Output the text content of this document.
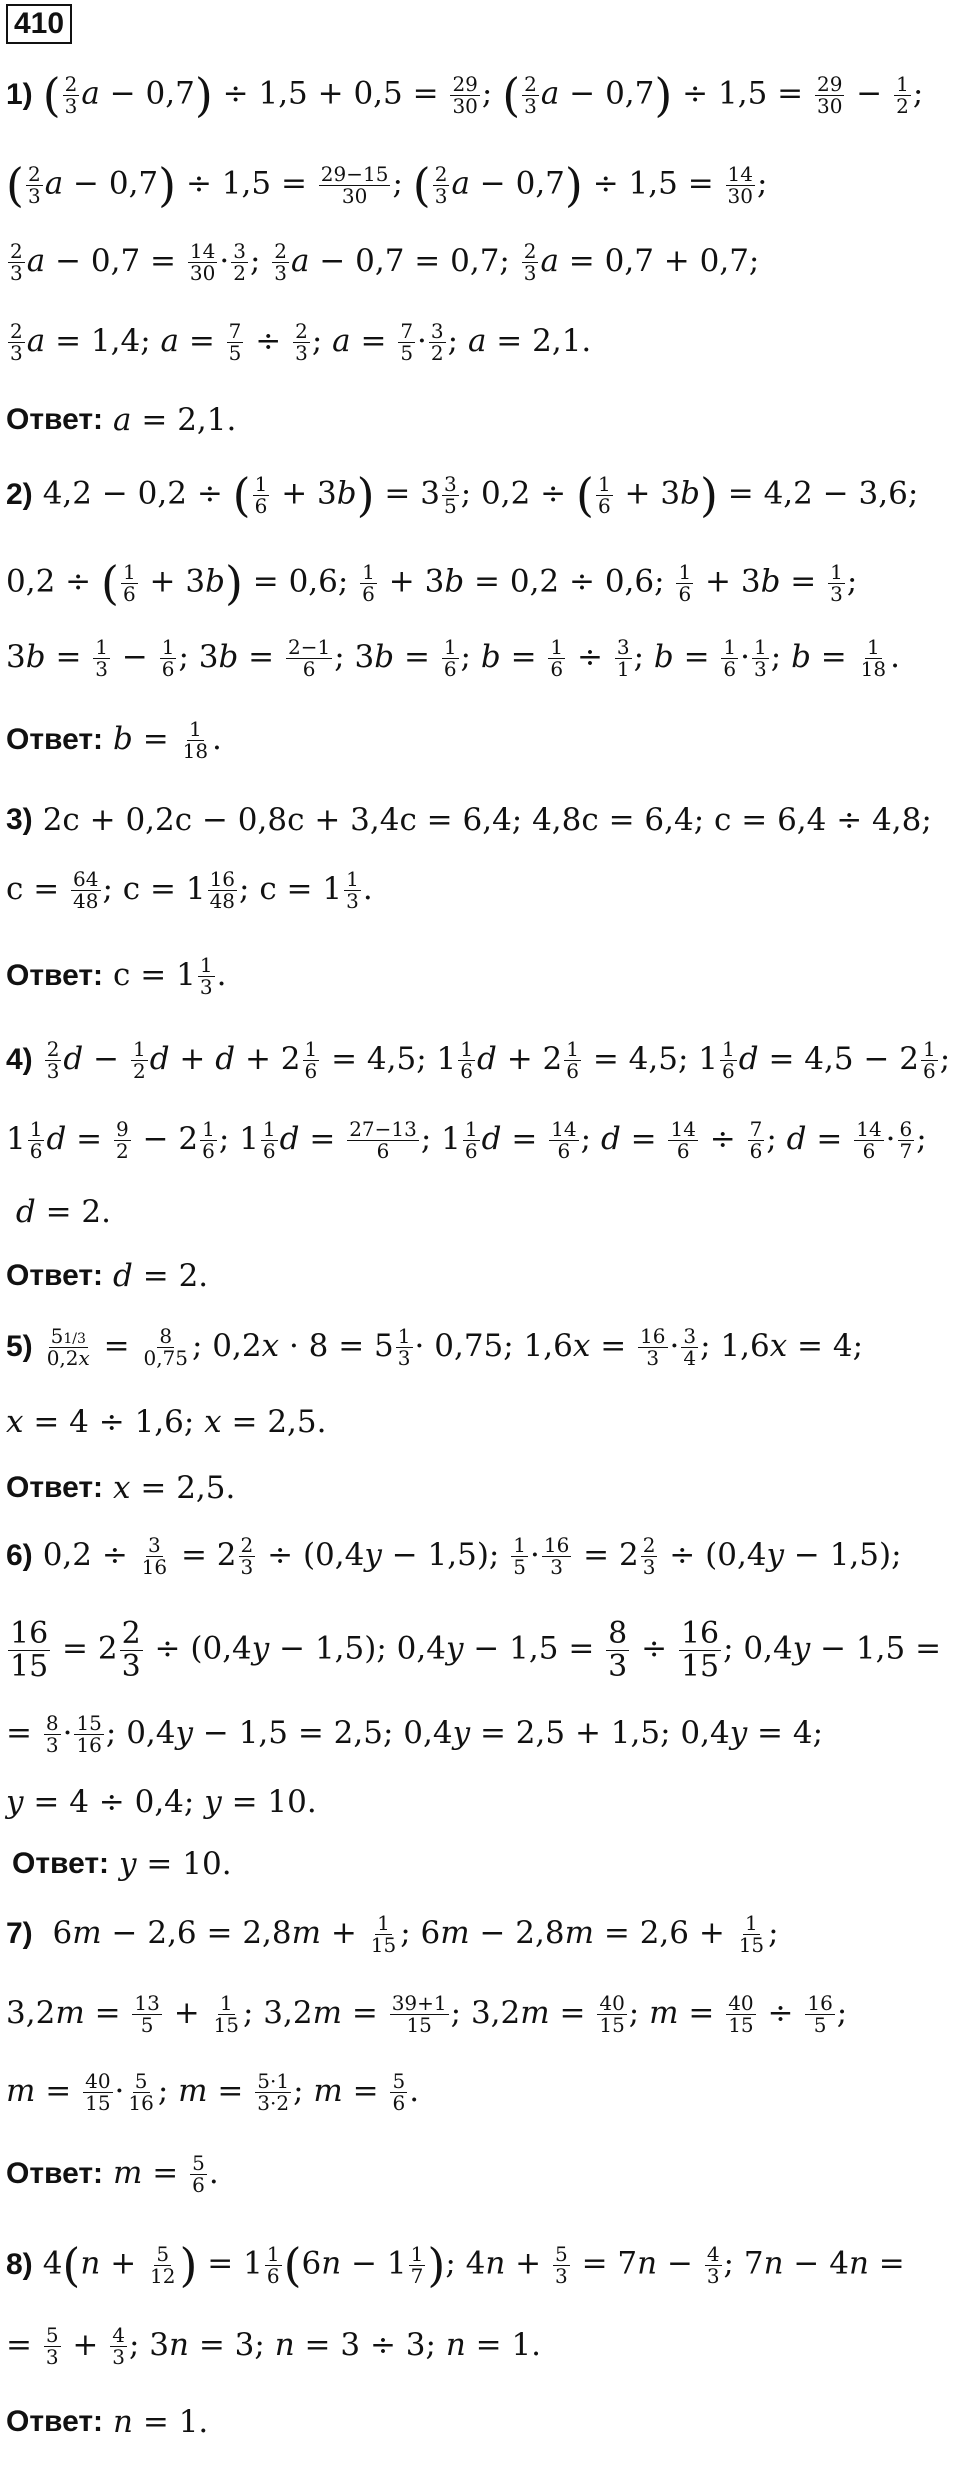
410
1) ( $\frac{2}{3}$ $a - 0,7) \div 1,5 + 0,5 = \frac{29}{30}$ ; ( $\frac{2}{3}$ $a - 0,7) \div 1,5 = \frac{29}{30} - \frac{1}{2}$ ;
( $\frac{2}{3}$ $a - 0,7) \div 1,5 = \frac{29-15}{30}$ ; ( $\frac{2}{3}$ $a - 0,7) \div 1,5 = \frac{14}{30}$ ;
$\frac{2}{3}$ $a - 0,7 = \frac{14}{30} \cdot \frac{3}{2}$ ; $\frac{2}{3}$ a − 0,7 = 0,7; $\frac{2}{3}$ a = 0,7 + 0,7;
$\frac{2}{3}$ a = 1,4; $a = \frac{7}{5} \div \frac{2}{3}$ ; $a = \frac{7}{5} \cdot \frac{3}{2}$ ; a = 2,1.
Ответ: a = 2,1.
2) 4,2 − 0,2 ÷ ( $\frac{1}{6} + 3b) = 3 \frac{3}{5}$ ; 0,2 ÷ ( $\frac{1}{6} + 3b) = 4,2 - 3,6$;
0,2 ÷ ( $\frac{1}{6} + 3b) = 0,6$; $\frac{1}{6} + 3b = 0,2 \div 0,6$; $\frac{1}{6} + 3b = \frac{1}{3}$ ;
$3b = \frac{1}{3} - \frac{1}{6}$ ; $3b = \frac{2-1}{6}$ ; $3b = \frac{1}{6}$ ; $b = \frac{1}{6} \div \frac{3}{1}$ ; $b = \frac{1}{6} \cdot \frac{1}{3}$ ; $b = \frac{1}{18}$ .
Ответ: $b = \frac{1}{18}$ .
3) 2c + 0,2c − 0,8c + 3,4c = 6,4; 4,8c = 6,4; c = 6,4 ÷ 4,8;
$c = \frac{64}{48}$ ; $c = 1 \frac{16}{48}$ ; $c = 1 \frac{1}{3}$ .
Ответ: $c = 1 \frac{1}{3}$ .
$4) \frac{2}{3}$ $d - \frac{1}{2}$ $d + d + 2 \frac{1}{6} = 4,5$; $1 \frac{1}{6}$ $d + 2 \frac{1}{6} = 4,5$; $1 \frac{1}{6}$ $d = 4,5 - 2 \frac{1}{6}$ ;
$1 \frac{1}{6}$ $d = \frac{9}{2} - 2 \frac{1}{6}$ ; $1 \frac{1}{6}$ $d = \frac{27-13}{6}$ ; $1 \frac{1}{6}$ $d = \frac{14}{6}$ ; $d = \frac{14}{6} \div \frac{7}{6}$ ; $d = \frac{14}{6} \cdot \frac{6}{7}$ ;
d = 2.
Ответ: d = 2.
$5) \frac{51/3}{0,2x} = \frac{8}{0,75}$ ; $0,2x \cdot 8 = 5 \frac{1}{3} \cdot 0,75$; $1,6x = \frac{16}{3} \cdot \frac{3}{4}$ ; 1,6x = 4;
x = 4 ÷ 1,6; x = 2,5.
Ответ: x = 2,5.
6) $0,2 \div \frac{3}{16} = 2 \frac{2}{3} \div (0,4y - 1,5)$; $\frac{1}{5} \cdot \frac{16}{3} = 2 \frac{2}{3} \div (0,4y - 1,5)$;
$\frac{16}{15} = 2 \frac{2}{3} \div (0,4y - 1,5)$; $0,4y - 1,5 = \frac{8}{3} \div \frac{16}{15}$ ; 0,4y − 1,5 =
= $\frac{8}{3} \cdot \frac{15}{16}$ ; 0,4y − 1,5 = 2,5; 0,4y = 2,5 + 1,5; 0,4y = 4;
y = 4 ÷ 0,4; y = 10.
Ответ: y = 10.
7) $6m - 2,6 = 2,8m + \frac{1}{15}$ ; $6m - 2,8m = 2,6 + \frac{1}{15}$ ;
$3,2m = \frac{13}{5} + \frac{1}{15}$ ; $3,2m = \frac{39+1}{15}$ ; $3,2m = \frac{40}{15}$ ; $m = \frac{40}{15} \div \frac{16}{5}$ ;
$m = \frac{40}{15} \cdot \frac{5}{16}$ ; $m = \frac{5\cdot 1}{3\cdot 2}$ ; $m = \frac{5}{6}$ .
Ответ: $m = \frac{5}{6}$ .
8) $4(n + \frac{5}{12}$ ) = $1 \frac{1}{6} (6n - 1 \frac{1}{7}$ ); $4n + \frac{5}{3} = 7n - \frac{4}{3}$ ; 7n − 4n =
= $\frac{5}{3} + \frac{4}{3}$ ; 3n = 3; n = 3 ÷ 3; n = 1.
Ответ: n = 1.
